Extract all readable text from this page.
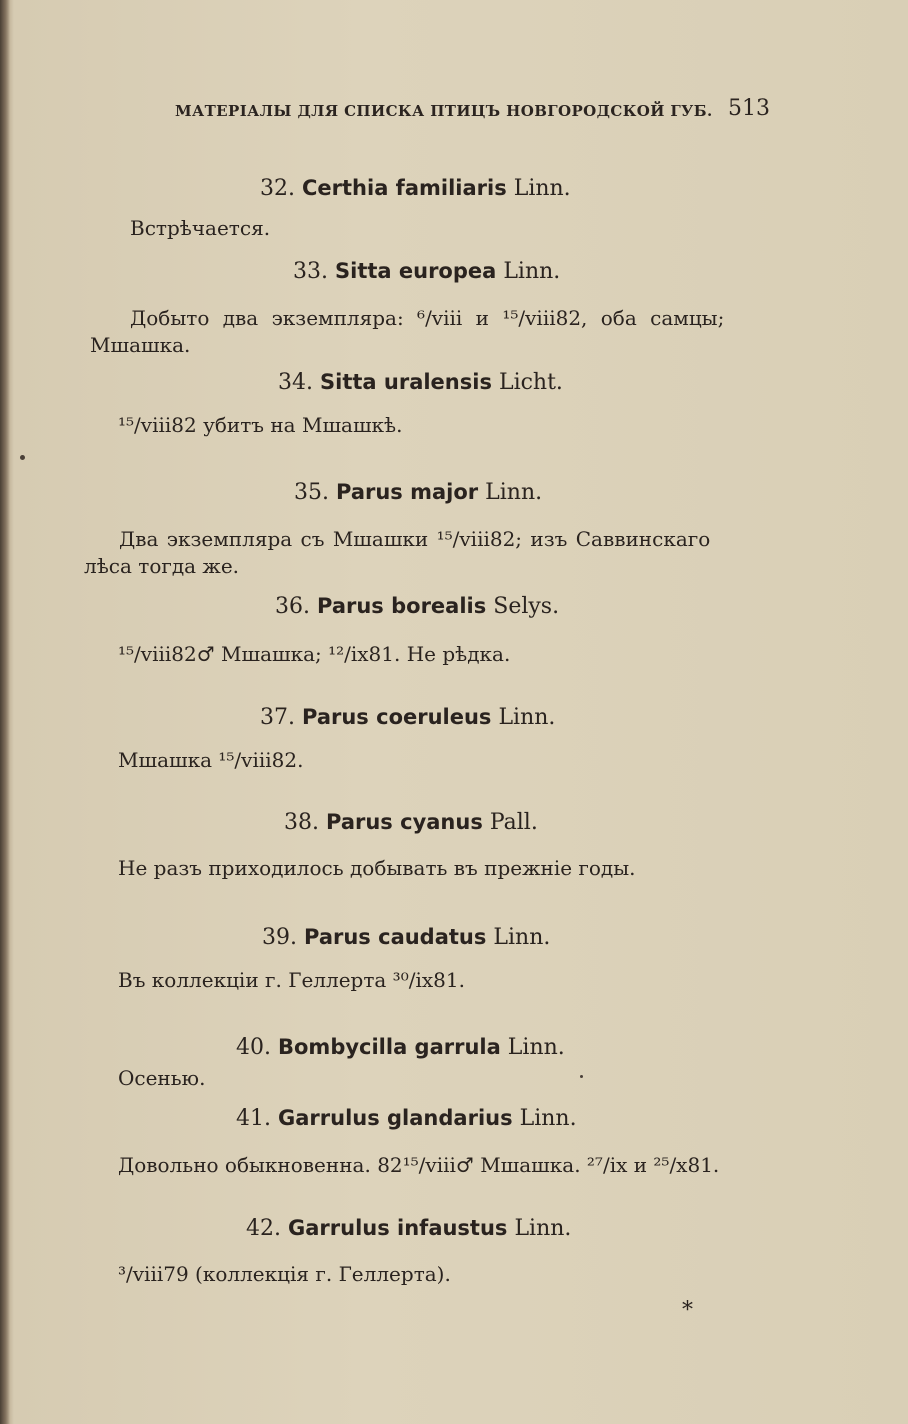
МАТЕРІАЛЫ ДЛЯ СПИСКА ПТИЦЪ НОВГОРОДСКОЙ ГУБ. 513
32. Certhia familiaris Linn.
Встрѣчается.
33. Sitta europea Linn.
Добыто два экземпляра: ⁶/viii и ¹⁵/viii82, оба самцы;
Мшашка.
34. Sitta uralensis Licht.
¹⁵/viii82 убитъ на Мшашкѣ.
35. Parus major Linn.
Два экземпляра съ Мшашки ¹⁵/viii82; изъ Саввинскаго
лѣса тогда же.
36. Parus borealis Selys.
¹⁵/viii82♂ Мшашка; ¹²/ix81. Не рѣдка.
37. Parus coeruleus Linn.
Мшашка ¹⁵/viii82.
38. Parus cyanus Pall.
Не разъ приходилось добывать въ прежніе годы.
39. Parus caudatus Linn.
Въ коллекціи г. Геллерта ³⁰/ix81.
40. Bombycilla garrula Linn.
Осенью.
41. Garrulus glandarius Linn.
Довольно обыкновенна. 82¹⁵/viii♂ Мшашка. ²⁷/ix и ²⁵/x81.
42. Garrulus infaustus Linn.
³/viii79 (коллекція г. Геллерта).
*
